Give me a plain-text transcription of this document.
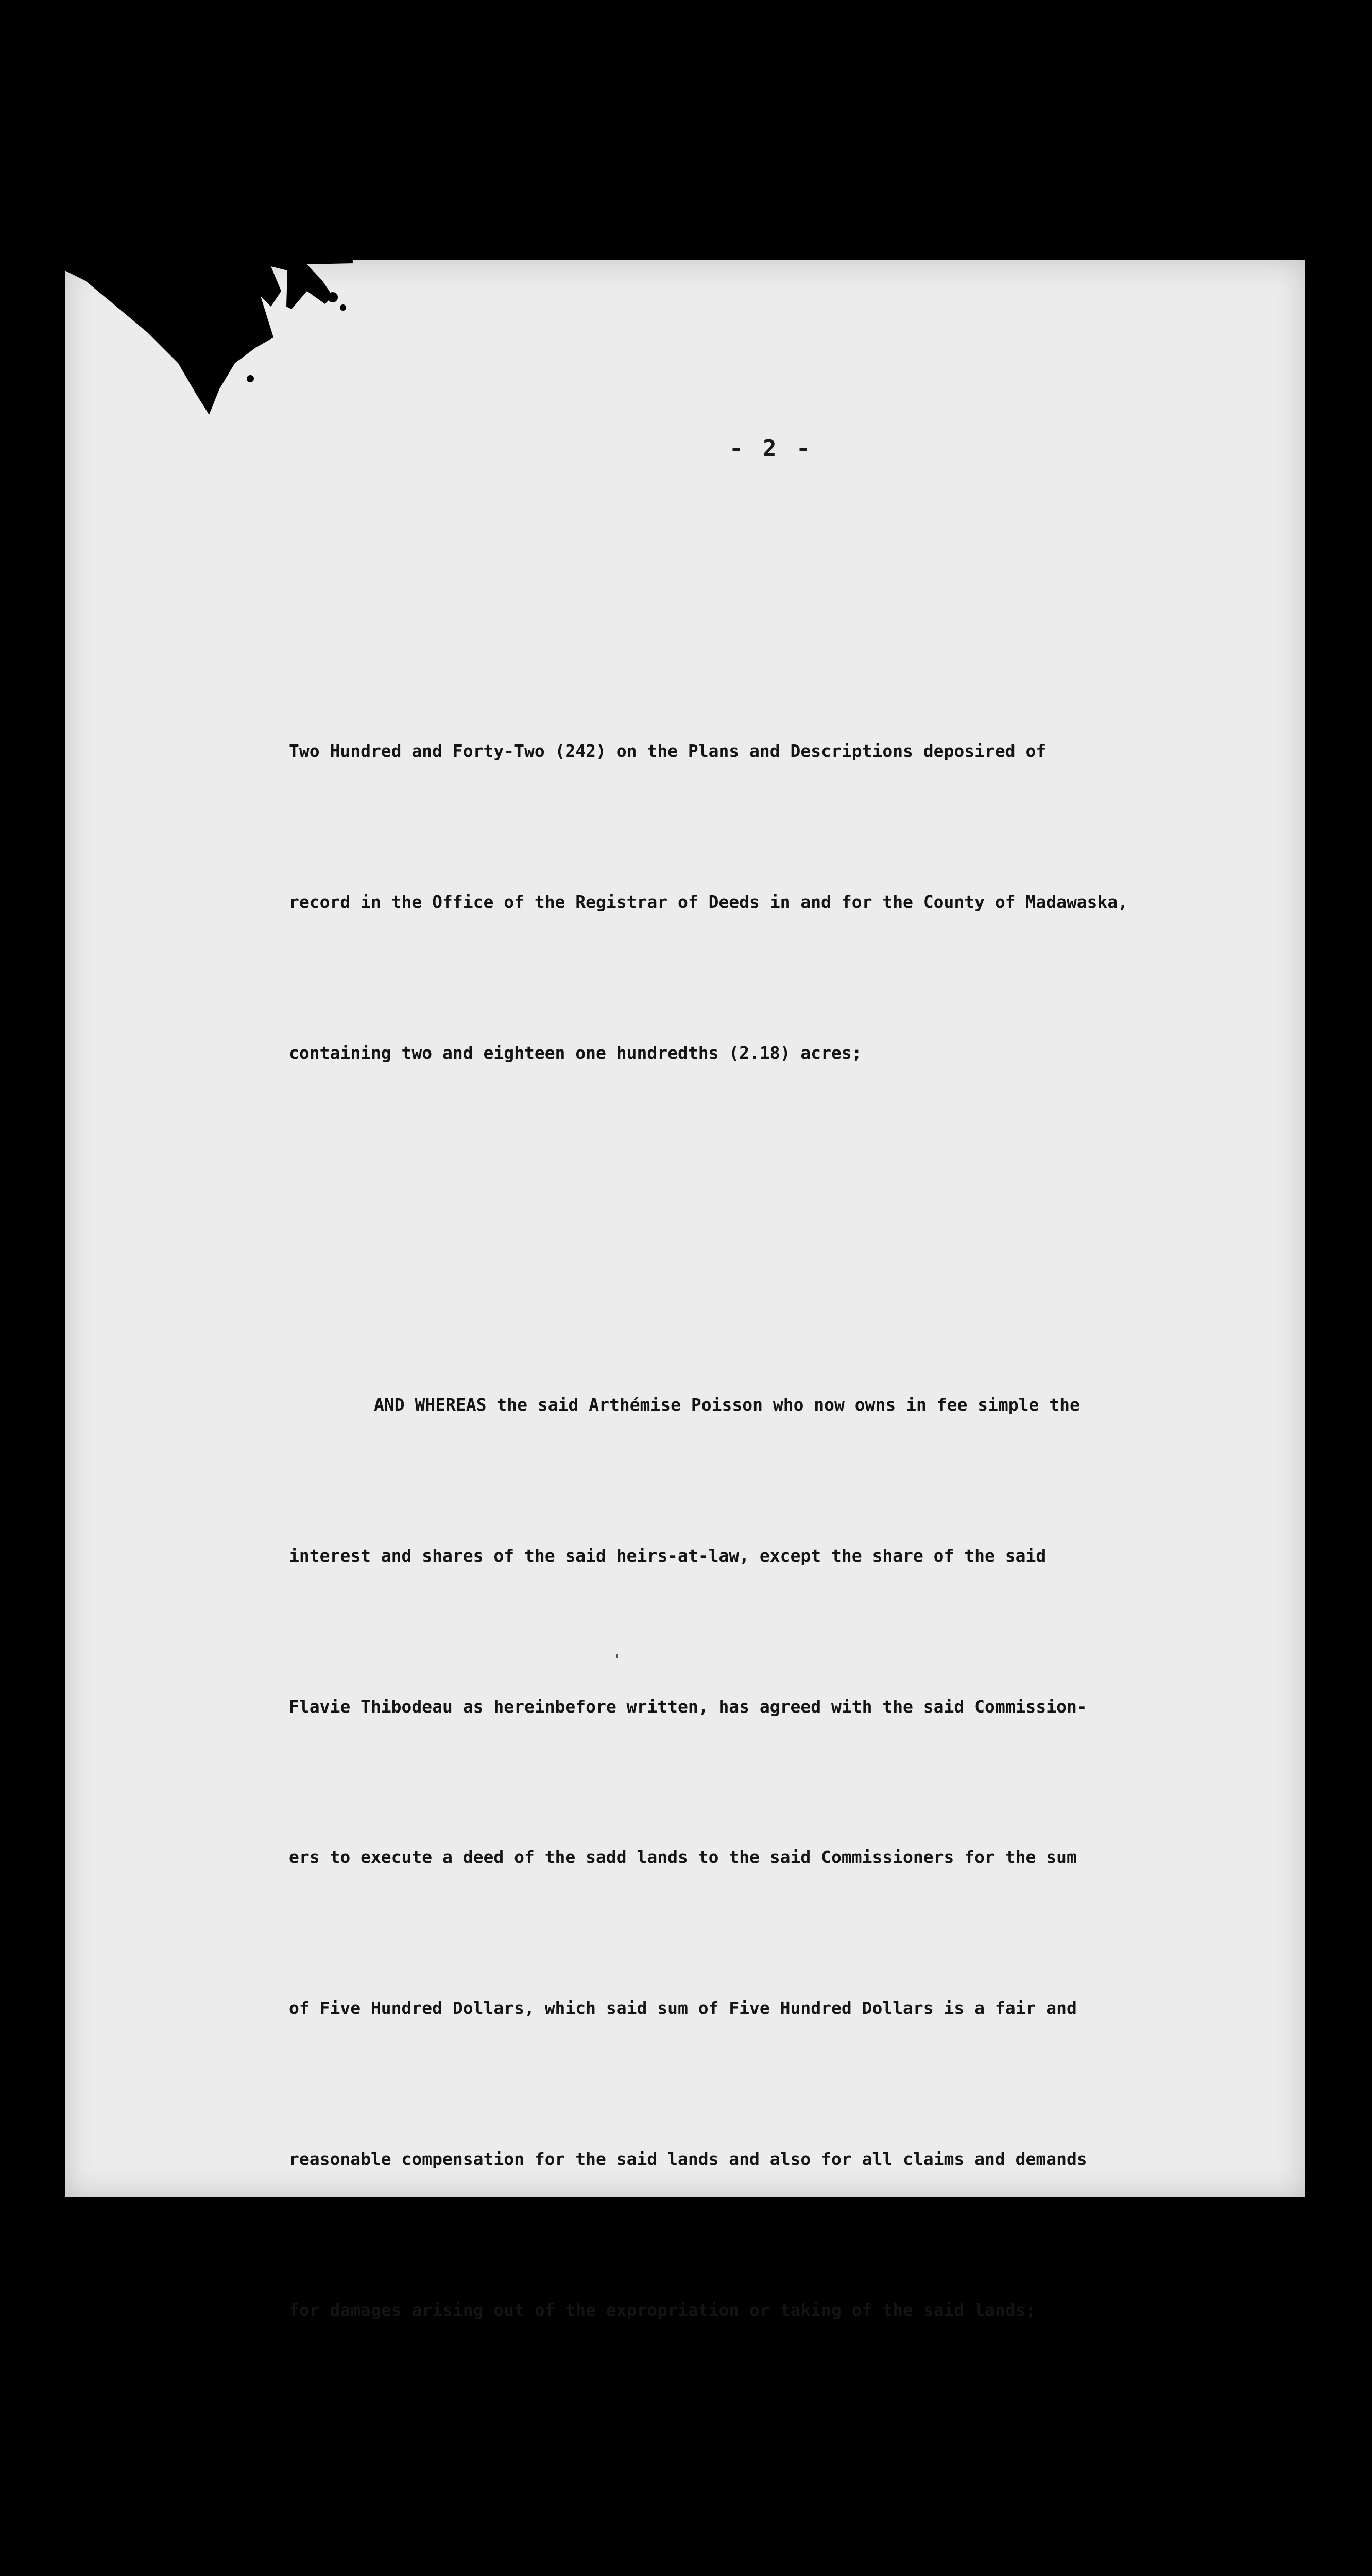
- 2 -

Two Hundred and Forty-Two (242) on the Plans and Descriptions deposired of

record in the Office of the Registrar of Deeds in and for the County of Madawaska,

containing two and eighteen one hundredths (2.18) acres;

AND WHEREAS the said Arthémise Poisson who now owns in fee simple the

interest and shares of the said heirs-at-law, except the share of the said

Flavie Thibodeau as hereinbefore written, has agreed with the said Commission-

ers to execute a deed of the sadd lands to the said Commissioners for the sum

of Five Hundred Dollars, which said sum of Five Hundred Dollars is a fair and

reasonable compensation for the said lands and also for all claims and demands

for damages arising out of the expropriation or taking of the said lands;
